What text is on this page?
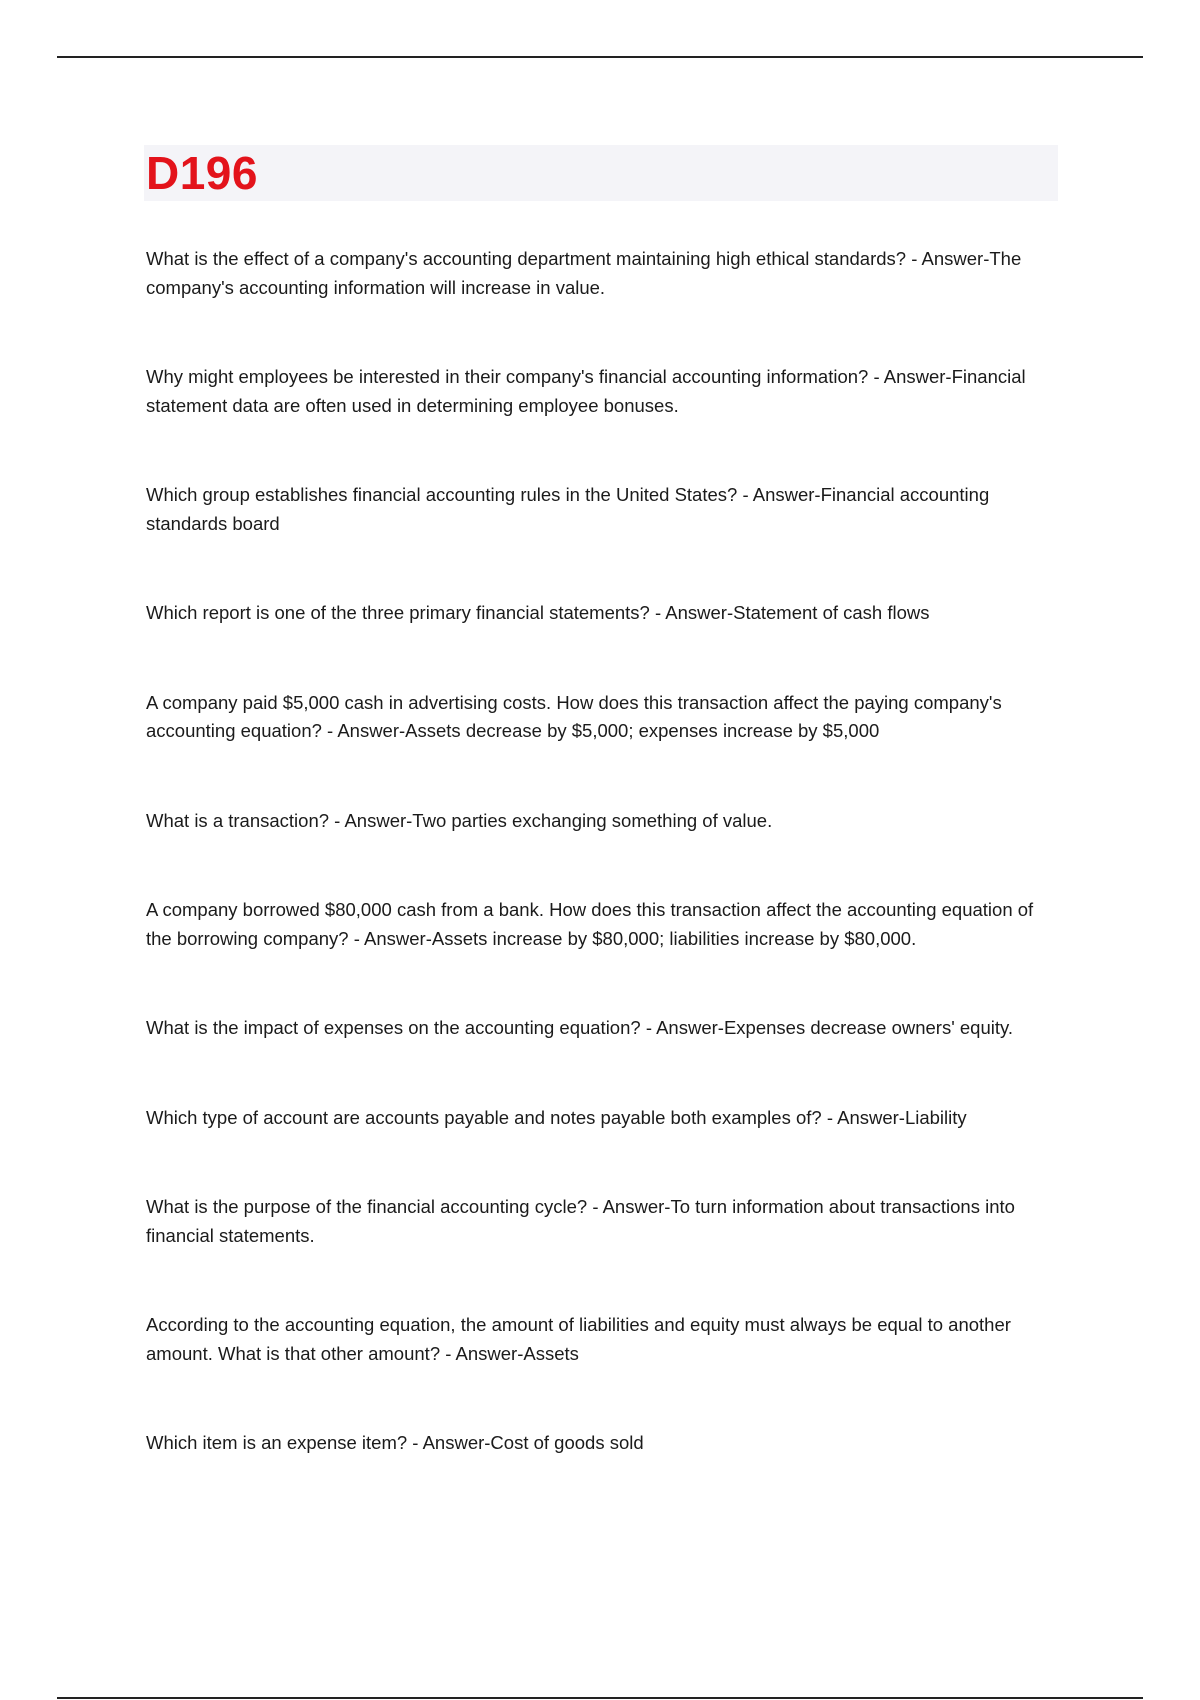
D196
What is the effect of a company's accounting department maintaining high ethical standards? - Answer-The company's accounting information will increase in value.
Why might employees be interested in their company's financial accounting information? - Answer-Financial statement data are often used in determining employee bonuses.
Which group establishes financial accounting rules in the United States? - Answer-Financial accounting standards board
Which report is one of the three primary financial statements? - Answer-Statement of cash flows
A company paid $5,000 cash in advertising costs. How does this transaction affect the paying company's accounting equation? - Answer-Assets decrease by $5,000; expenses increase by $5,000
What is a transaction? - Answer-Two parties exchanging something of value.
A company borrowed $80,000 cash from a bank. How does this transaction affect the accounting equation of the borrowing company? - Answer-Assets increase by $80,000; liabilities increase by $80,000.
What is the impact of expenses on the accounting equation? - Answer-Expenses decrease owners' equity.
Which type of account are accounts payable and notes payable both examples of? - Answer-Liability
What is the purpose of the financial accounting cycle? - Answer-To turn information about transactions into financial statements.
According to the accounting equation, the amount of liabilities and equity must always be equal to another amount. What is that other amount? - Answer-Assets
Which item is an expense item? - Answer-Cost of goods sold
